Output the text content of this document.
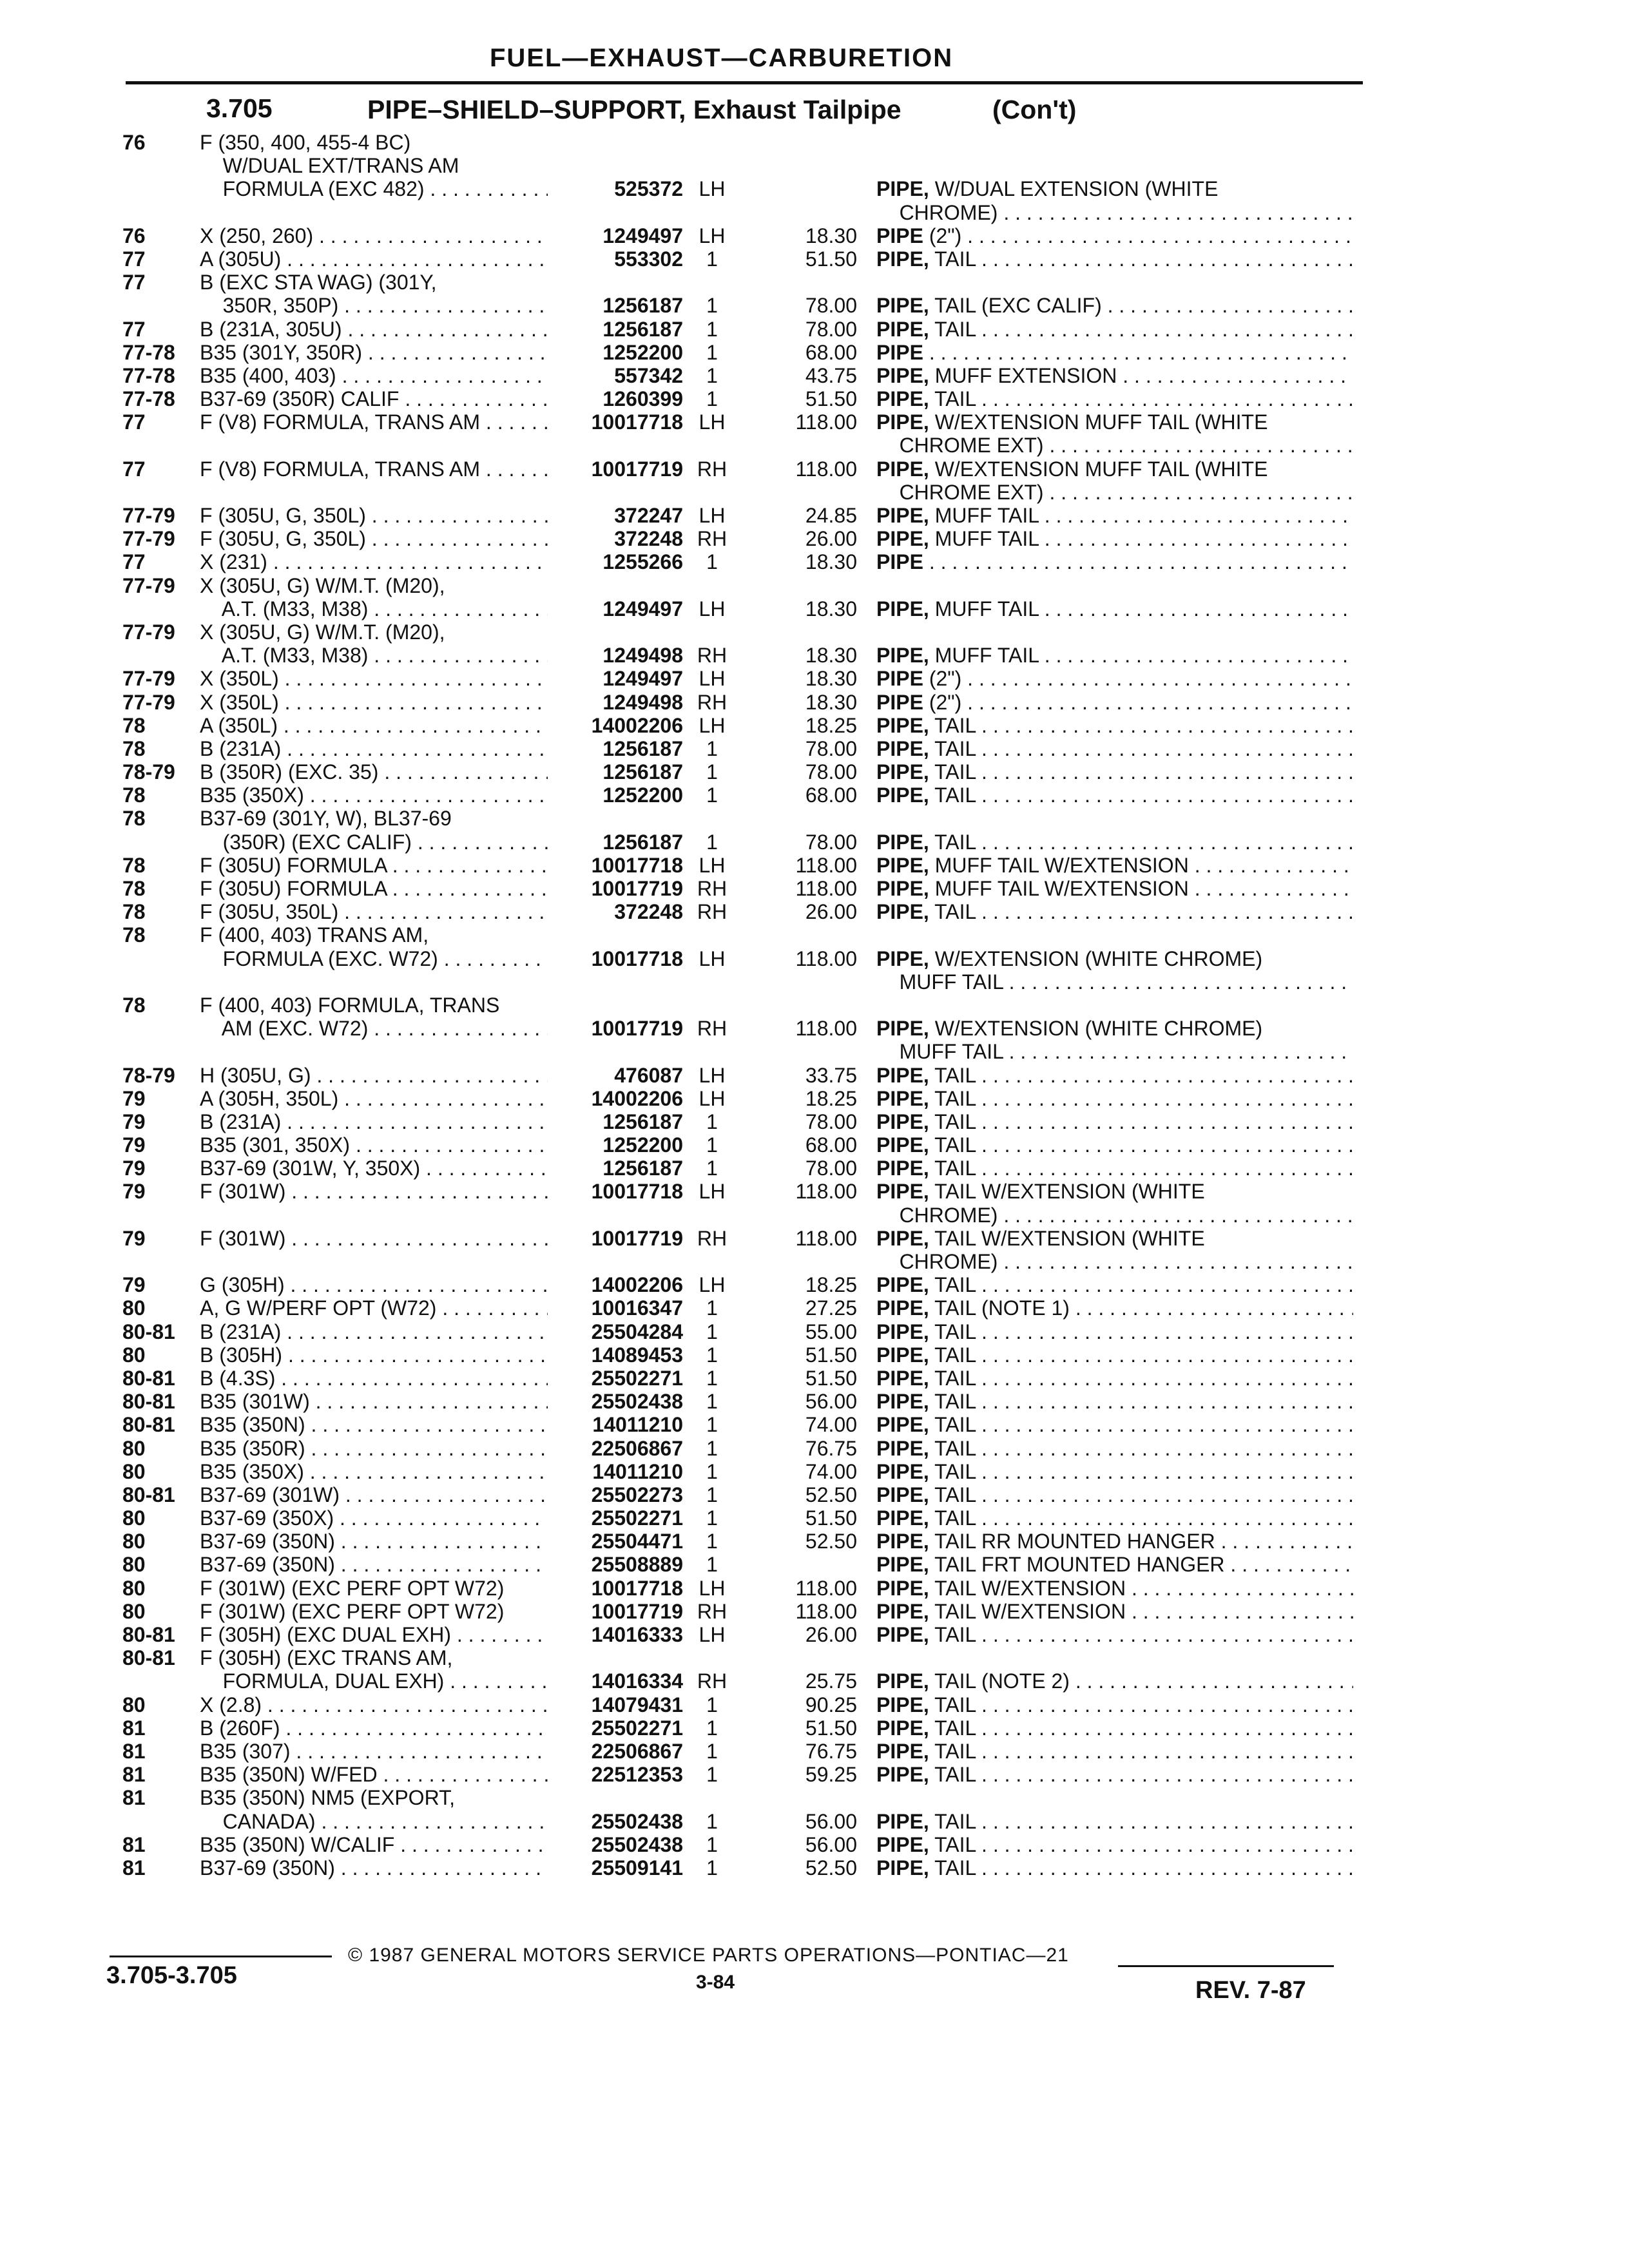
FUEL—EXHAUST—CARBURETION
3.705	PIPE–SHIELD–SUPPORT, Exhaust Tailpipe	(Con't)
76	F (350, 400, 455-4 BC)
W/DUAL EXT/TRANS AM
FORMULA (EXC 482) . . .	525372 LH	PIPE, W/DUAL EXTENSION (WHITE
CHROME) . . .
76	X (250, 260) . . .	1249497 LH	18.30 PIPE (2") . . .
77	A (305U) . . .	553302	1	51.50 PIPE, TAIL . . .
77	B (EXC STA WAG) (301Y,
350R, 350P) . . .	1256187	1	78.00 PIPE, TAIL (EXC CALIF) . . .
77	B (231A, 305U) . . .	1256187	1	78.00 PIPE, TAIL . . .
77-78 B35 (301Y, 350R) . . .	1252200	1	68.00 PIPE . . .
77-78 B35 (400, 403) . . .	557342	1	43.75 PIPE, MUFF EXTENSION . . .
77-78 B37-69 (350R) CALIF . . .	1260399	1	51.50 PIPE, TAIL . . .
77	F (V8) FORMULA, TRANS AM . . .	10017718 LH	118.00 PIPE, W/EXTENSION MUFF TAIL (WHITE
CHROME EXT) . . .
77	F (V8) FORMULA, TRANS AM . . .	10017719 RH	118.00 PIPE, W/EXTENSION MUFF TAIL (WHITE
CHROME EXT) . . .
77-79 F (305U, G, 350L) . . .	372247 LH	24.85 PIPE, MUFF TAIL . . .
77-79 F (305U, G, 350L) . . .	372248 RH	26.00 PIPE, MUFF TAIL . . .
77	X (231) . . .	1255266	1	18.30 PIPE . . .
77-79 X (305U, G) W/M.T. (M20),
A.T. (M33, M38) . . .	1249497 LH	18.30 PIPE, MUFF TAIL . . .
77-79 X (305U, G) W/M.T. (M20),
A.T. (M33, M38) . . .	1249498 RH	18.30 PIPE, MUFF TAIL . . .
77-79 X (350L) . . .	1249497 LH	18.30 PIPE (2") . . .
77-79 X (350L) . . .	1249498 RH	18.30 PIPE (2") . . .
78	A (350L) . . .	14002206 LH	18.25 PIPE, TAIL . . .
78	B (231A) . . .	1256187	1	78.00 PIPE, TAIL . . .
78-79 B (350R) (EXC. 35) . . .	1256187	1	78.00 PIPE, TAIL . . .
78	B35 (350X) . . .	1252200	1	68.00 PIPE, TAIL . . .
78	B37-69 (301Y, W), BL37-69
(350R) (EXC CALIF) . . .	1256187	1	78.00 PIPE, TAIL . . .
78	F (305U) FORMULA . . .	10017718 LH	118.00 PIPE, MUFF TAIL W/EXTENSION . . .
78	F (305U) FORMULA . . .	10017719 RH	118.00 PIPE, MUFF TAIL W/EXTENSION . . .
78	F (305U, 350L) . . .	372248 RH	26.00 PIPE, TAIL . . .
78	F (400, 403) TRANS AM,
FORMULA (EXC. W72) . . .	10017718 LH	118.00 PIPE, W/EXTENSION (WHITE CHROME)
MUFF TAIL . . .
78	F (400, 403) FORMULA, TRANS
AM (EXC. W72) . . .	10017719 RH	118.00 PIPE, W/EXTENSION (WHITE CHROME)
MUFF TAIL . . .
78-79 H (305U, G) . . .	476087 LH	33.75 PIPE, TAIL . . .
79	A (305H, 350L) . . .	14002206 LH	18.25 PIPE, TAIL . . .
79	B (231A) . . .	1256187	1	78.00 PIPE, TAIL . . .
79	B35 (301, 350X) . . .	1252200	1	68.00 PIPE, TAIL . . .
79	B37-69 (301W, Y, 350X) . . .	1256187	1	78.00 PIPE, TAIL . . .
79	F (301W) . . .	10017718 LH	118.00 PIPE, TAIL W/EXTENSION (WHITE
CHROME) . . .
79	F (301W) . . .	10017719 RH	118.00 PIPE, TAIL W/EXTENSION (WHITE
CHROME) . . .
79	G (305H) . . .	14002206 LH	18.25 PIPE, TAIL . . .
80	A, G W/PERF OPT (W72) . . .	10016347	1	27.25 PIPE, TAIL (NOTE 1) . . .
80-81 B (231A) . . .	25504284	1	55.00 PIPE, TAIL . . .
80	B (305H) . . .	14089453	1	51.50 PIPE, TAIL . . .
80-81 B (4.3S) . . .	25502271	1	51.50 PIPE, TAIL . . .
80-81 B35 (301W) . . .	25502438	1	56.00 PIPE, TAIL . . .
80-81 B35 (350N) . . .	14011210	1	74.00 PIPE, TAIL . . .
80	B35 (350R) . . .	22506867	1	76.75 PIPE, TAIL . . .
80	B35 (350X) . . .	14011210	1	74.00 PIPE, TAIL . . .
80-81 B37-69 (301W) . . .	25502273	1	52.50 PIPE, TAIL . . .
80	B37-69 (350X) . . .	25502271	1	51.50 PIPE, TAIL . . .
80	B37-69 (350N) . . .	25504471	1	52.50 PIPE, TAIL RR MOUNTED HANGER . . .
80	B37-69 (350N) . . .	25508889	1	PIPE, TAIL FRT MOUNTED HANGER . . .
80	F (301W) (EXC PERF OPT W72)	10017718 LH	118.00 PIPE, TAIL W/EXTENSION . . .
80	F (301W) (EXC PERF OPT W72)	10017719 RH	118.00 PIPE, TAIL W/EXTENSION . . .
80-81 F (305H) (EXC DUAL EXH) . . .	14016333 LH	26.00 PIPE, TAIL . . .
80-81 F (305H) (EXC TRANS AM,
FORMULA, DUAL EXH) . . .	14016334 RH	25.75 PIPE, TAIL (NOTE 2) . . .
80	X (2.8) . . .	14079431	1	90.25 PIPE, TAIL . . .
81	B (260F) . . .	25502271	1	51.50 PIPE, TAIL . . .
81	B35 (307) . . .	22506867	1	76.75 PIPE, TAIL . . .
81	B35 (350N) W/FED . . .	22512353	1	59.25 PIPE, TAIL . . .
81	B35 (350N) NM5 (EXPORT,
CANADA) . . .	25502438	1	56.00 PIPE, TAIL . . .
81	B35 (350N) W/CALIF . . .	25502438	1	56.00 PIPE, TAIL . . .
81	B37-69 (350N) . . .	25509141	1	52.50 PIPE, TAIL . . .
© 1987 GENERAL MOTORS SERVICE PARTS OPERATIONS—PONTIAC—21
3.705-3.705	3-84	REV. 7-87
